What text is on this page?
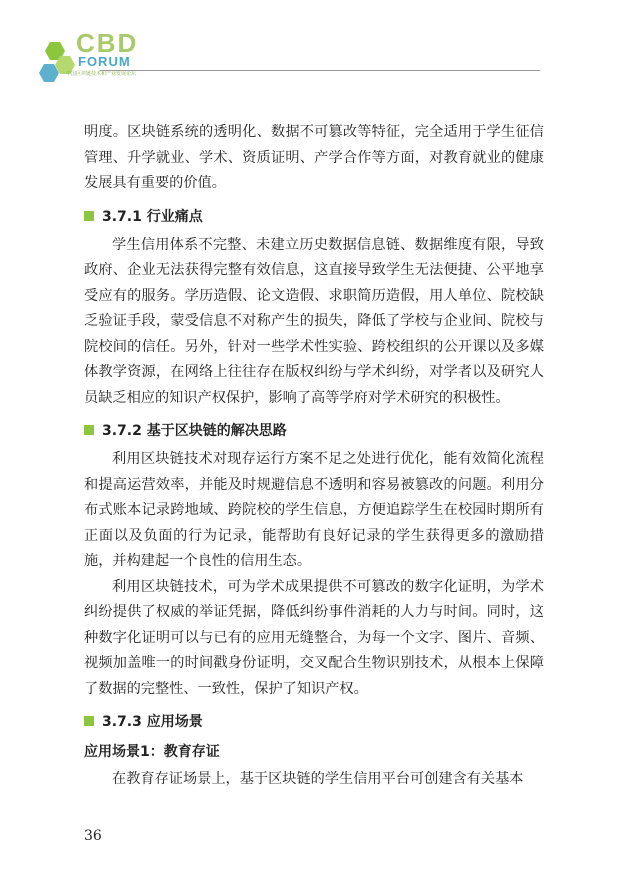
CBD
FORUM
中国区块链技术和产业发展论坛

明度。区块链系统的透明化、数据不可篡改等特征，完全适用于学生征信管理、升学就业、学术、资质证明、产学合作等方面，对教育就业的健康发展具有重要的价值。

3.7.1 行业痛点

学生信用体系不完整、未建立历史数据信息链、数据维度有限，导致政府、企业无法获得完整有效信息，这直接导致学生无法便捷、公平地享受应有的服务。学历造假、论文造假、求职简历造假，用人单位、院校缺乏验证手段，蒙受信息不对称产生的损失，降低了学校与企业间、院校与院校间的信任。另外，针对一些学术性实验、跨校组织的公开课以及多媒体教学资源，在网络上往往存在版权纠纷与学术纠纷，对学者以及研究人员缺乏相应的知识产权保护，影响了高等学府对学术研究的积极性。

3.7.2 基于区块链的解决思路

利用区块链技术对现存运行方案不足之处进行优化，能有效简化流程和提高运营效率，并能及时规避信息不透明和容易被篡改的问题。利用分布式账本记录跨地域、跨院校的学生信息，方便追踪学生在校园时期所有正面以及负面的行为记录，能帮助有良好记录的学生获得更多的激励措施，并构建起一个良性的信用生态。

利用区块链技术，可为学术成果提供不可篡改的数字化证明，为学术纠纷提供了权威的举证凭据，降低纠纷事件消耗的人力与时间。同时，这种数字化证明可以与已有的应用无缝整合，为每一个文字、图片、音频、视频加盖唯一的时间戳身份证明，交叉配合生物识别技术，从根本上保障了数据的完整性、一致性，保护了知识产权。

3.7.3 应用场景
应用场景1：教育存证

在教育存证场景上，基于区块链的学生信用平台可创建含有关基本

36
